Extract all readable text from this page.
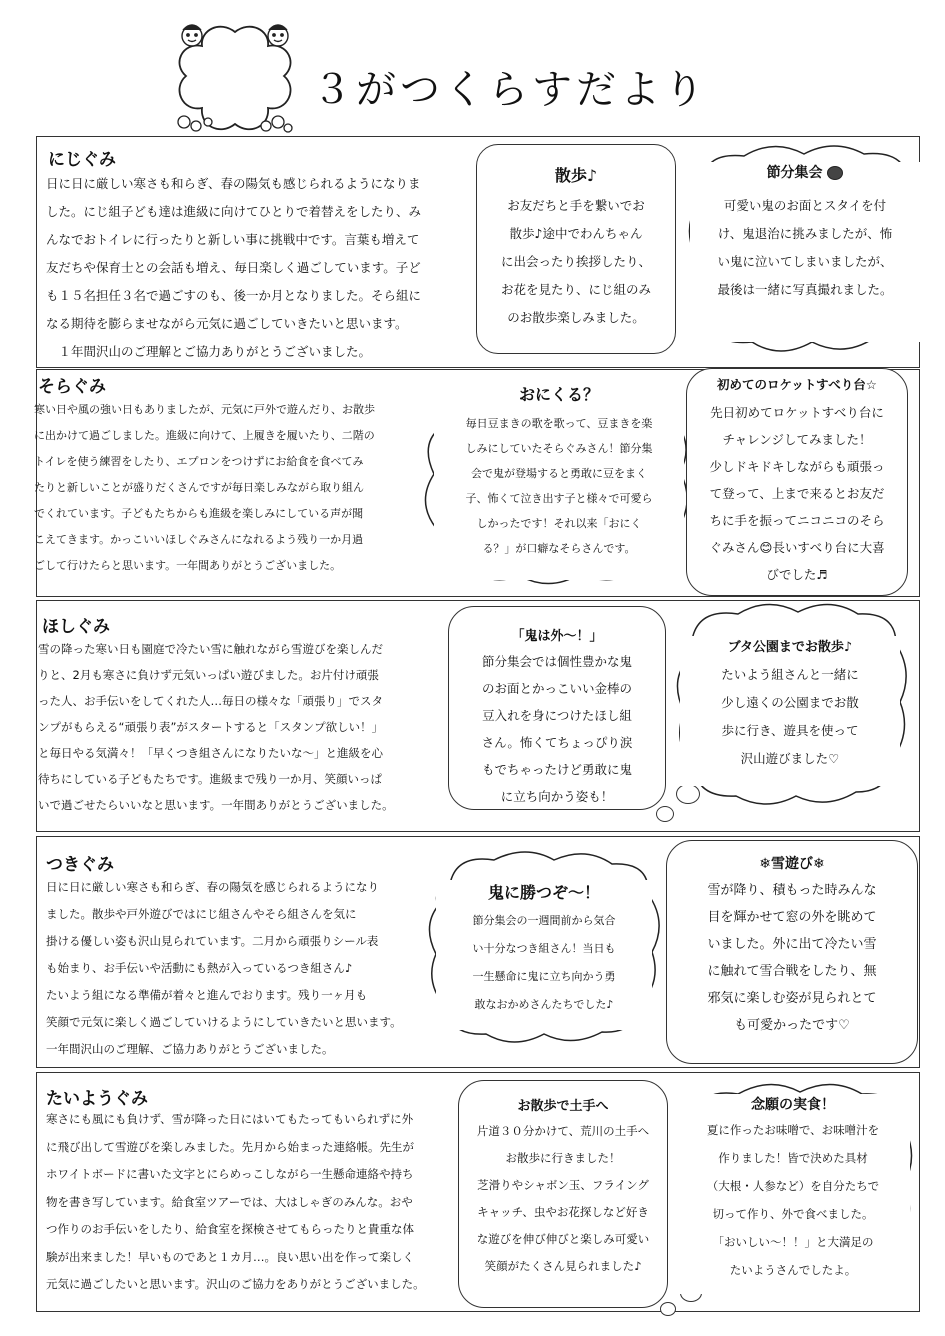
３がつくらすだより
にじぐみ
日に日に厳しい寒さも和らぎ、春の陽気も感じられるようになりま
した。にじ組子ども達は進級に向けてひとりで着替えをしたり、み
んなでおトイレに行ったりと新しい事に挑戦中です。言葉も増えて
友だちや保育士との会話も増え、毎日楽しく過ごしています。子ど
も１５名担任３名で過ごすのも、後一か月となりました。そら組に
なる期待を膨らませながら元気に過ごしていきたいと思います。
　１年間沢山のご理解とご協力ありがとうございました。
散歩♪
お友だちと手を繋いでお
散歩♪途中でわんちゃん
に出会ったり挨拶したり、
お花を見たり、にじ組のみ
のお散歩楽しみました。
節分集会
可愛い鬼のお面とスタイを付
け、鬼退治に挑みましたが、怖
い鬼に泣いてしまいましたが、
最後は一緒に写真撮れました。
そらぐみ
寒い日や風の強い日もありましたが、元気に戸外で遊んだり、お散歩
に出かけて過ごしました。進級に向けて、上履きを履いたり、二階の
トイレを使う練習をしたり、エプロンをつけずにお給食を食べてみ
たりと新しいことが盛りだくさんですが毎日楽しみながら取り組ん
でくれています。子どもたちからも進級を楽しみにしている声が聞
こえてきます。かっこいいほしぐみさんになれるよう残り一か月過
ごして行けたらと思います。一年間ありがとうございました。
おにくる？
毎日豆まきの歌を歌って、豆まきを楽
しみにしていたそらぐみさん！節分集
会で鬼が登場すると勇敢に豆をまく
子、怖くて泣き出す子と様々で可愛ら
しかったです！それ以来「おにく
る？」が口癖なそらさんです。
初めてのロケットすべり台☆
先日初めてロケットすべり台に
チャレンジしてみました！
少しドキドキしながらも頑張っ
て登って、上まで来るとお友だ
ちに手を振ってニコニコのそら
ぐみさん😊長いすべり台に大喜
びでした♬
ほしぐみ
雪の降った寒い日も園庭で冷たい雪に触れながら雪遊びを楽しんだ
りと、2月も寒さに負けず元気いっぱい遊びました。お片付け頑張
った人、お手伝いをしてくれた人…毎日の様々な「頑張り」でスタ
ンプがもらえる“頑張り表”がスタートすると「スタンプ欲しい！」
と毎日やる気満々！「早くつき組さんになりたいな～」と進級を心
待ちにしている子どもたちです。進級まで残り一か月、笑顔いっぱ
いで過ごせたらいいなと思います。一年間ありがとうございました。
「鬼は外～！」
節分集会では個性豊かな鬼
のお面とかっこいい金棒の
豆入れを身につけたほし組
さん。怖くてちょっぴり涙
もでちゃったけど勇敢に鬼
に立ち向かう姿も！
ブタ公園までお散歩♪
たいよう組さんと一緒に
少し遠くの公園までお散
歩に行き、遊具を使って
沢山遊びました♡
つきぐみ
日に日に厳しい寒さも和らぎ、春の陽気を感じられるようになり
ました。散歩や戸外遊びではにじ組さんやそら組さんを気に
掛ける優しい姿も沢山見られています。二月から頑張りシール表
も始まり、お手伝いや活動にも熱が入っているつき組さん♪
たいよう組になる準備が着々と進んでおります。残り一ヶ月も
笑顔で元気に楽しく過ごしていけるようにしていきたいと思います。
一年間沢山のご理解、ご協力ありがとうございました。
鬼に勝つぞ～！
節分集会の一週間前から気合
い十分なつき組さん！当日も
一生懸命に鬼に立ち向かう勇
敢なおかめさんたちでした♪
❄雪遊び❄
雪が降り、積もった時みんな
目を輝かせて窓の外を眺めて
いました。外に出て冷たい雪
に触れて雪合戦をしたり、無
邪気に楽しむ姿が見られとて
も可愛かったです♡
たいようぐみ
寒さにも風にも負けず、雪が降った日にはいてもたってもいられずに外
に飛び出して雪遊びを楽しみました。先月から始まった連絡帳。先生が
ホワイトボードに書いた文字とにらめっこしながら一生懸命連絡や持ち
物を書き写しています。給食室ツアーでは、大はしゃぎのみんな。おや
つ作りのお手伝いをしたり、給食室を探検させてもらったりと貴重な体
験が出来ました！早いものであと１カ月…。良い思い出を作って楽しく
元気に過ごしたいと思います。沢山のご協力をありがとうございました。
お散歩で土手へ
片道３０分かけて、荒川の土手へ
お散歩に行きました！
芝滑りやシャボン玉、フライング
キャッチ、虫やお花探しなど好き
な遊びを伸び伸びと楽しみ可愛い
笑顔がたくさん見られました♪
念願の実食！
夏に作ったお味噌で、お味噌汁を
作りました！皆で決めた具材
（大根・人参など）を自分たちで
切って作り、外で食べました。
「おいしい～！！」と大満足の
たいようさんでしたよ。
